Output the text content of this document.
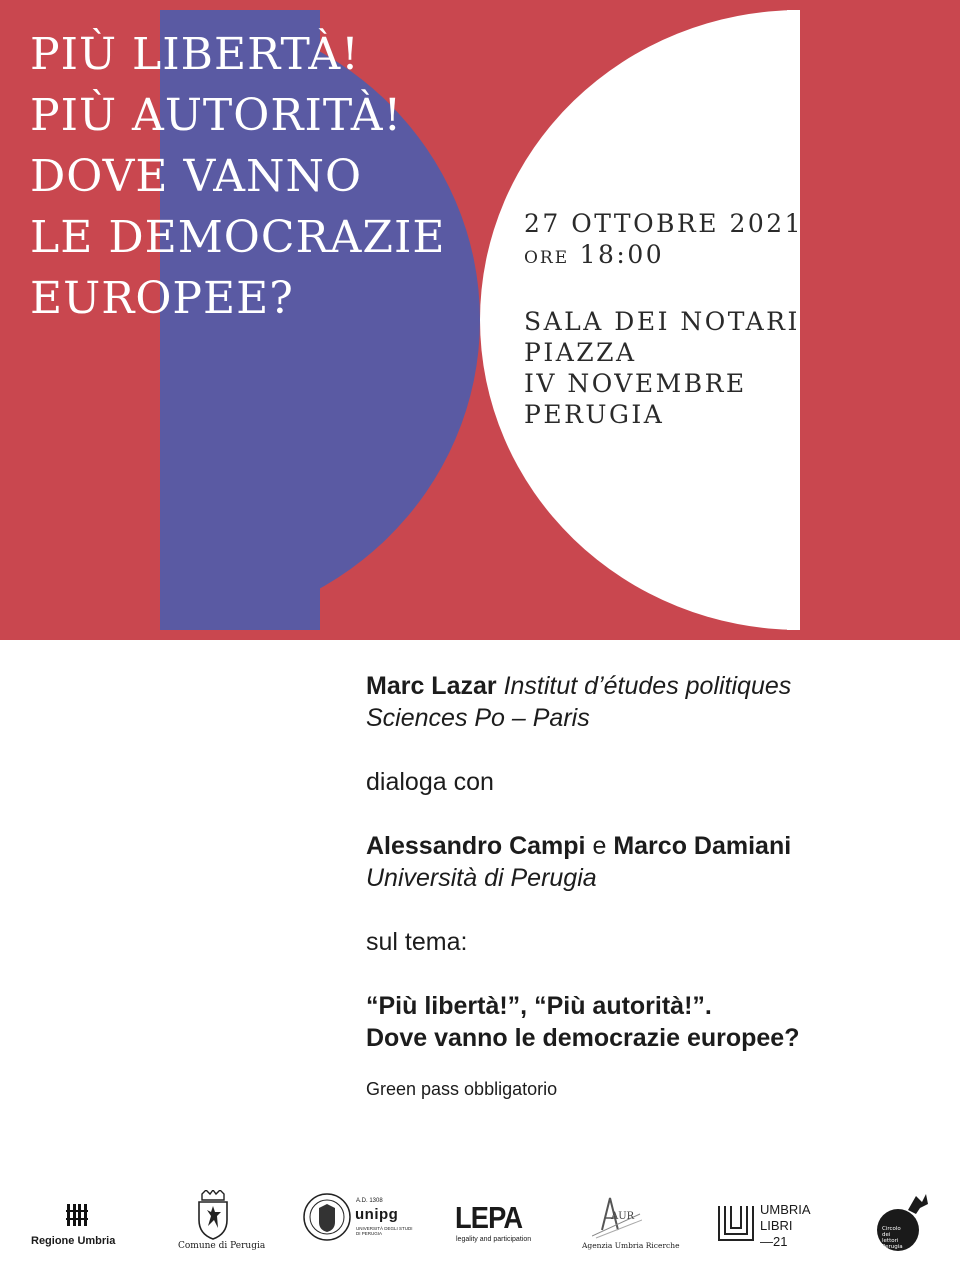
PIÙ LIBERTÀ!
PIÙ AUTORITÀ!
DOVE VANNO
LE DEMOCRAZIE
EUROPEE?
27 OTTOBRE 2021
ORE 18:00
SALA DEI NOTARI
PIAZZA
IV NOVEMBRE
PERUGIA

Marc Lazar Institut d’études politiques

Sciences Po – Paris

dialoga con

Alessandro Campi e Marco Damiani

Università di Perugia

sul tema:

“Più libertà!”, “Più autorità!”.

Dove vanno le democrazie europee?

Green pass obbligatorio

Regione Umbria	Comune di Perugia
A.D. 1308
unipg
UNIVERSITÀ DEGLI STUDI DI PERUGIA	LEPA
legality and participation
AUR
Agenzia Umbria Ricerche
UMBRIA
LIBRI
—21
Circolo
dei
lettori
Perugia
